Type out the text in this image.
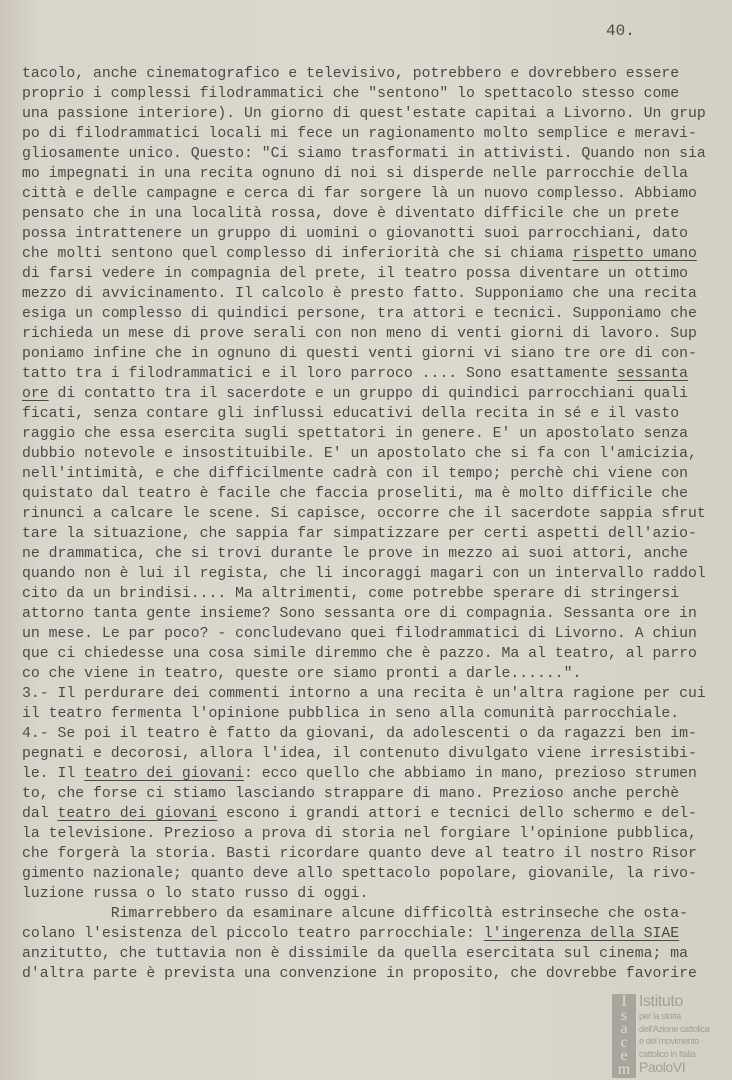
40.
tacolo, anche cinematografico e televisivo, potrebbero e dovrebbero essere
proprio i complessi filodrammatici che "sentono" lo spettacolo stesso come
una passione interiore). Un giorno di quest'estate capitai a Livorno. Un grup
po di filodrammatici locali mi fece un ragionamento molto semplice e meravi-
gliosamente unico. Questo: "Ci siamo trasformati in attivisti. Quando non sia
mo impegnati in una recita ognuno di noi si disperde nelle parrocchie della
città e delle campagne e cerca di far sorgere là un nuovo complesso. Abbiamo
pensato che in una località rossa, dove è diventato difficile che un prete
possa intrattenere un gruppo di uomini o giovanotti suoi parrocchiani, dato
che molti sentono quel complesso di inferiorità che si chiama rispetto umano
di farsi vedere in compagnia del prete, il teatro possa diventare un ottimo
mezzo di avvicinamento. Il calcolo è presto fatto. Supponiamo che una recita
esiga un complesso di quindici persone, tra attori e tecnici. Supponiamo che
richieda un mese di prove serali con non meno di venti giorni di lavoro. Sup
poniamo infine che in ognuno di questi venti giorni vi siano tre ore di con-
tatto tra i filodrammatici e il loro parroco .... Sono esattamente sessanta
ore di contatto tra il sacerdote e un gruppo di quindici parrocchiani quali
ficati, senza contare gli influssi educativi della recita in sé e il vasto
raggio che essa esercita sugli spettatori in genere. E' un apostolato senza
dubbio notevole e insostituibile. E' un apostolato che si fa con l'amicizia,
nell'intimità, e che difficilmente cadrà con il tempo; perchè chi viene con
quistato dal teatro è facile che faccia proseliti, ma è molto difficile che
rinunci a calcare le scene. Si capisce, occorre che il sacerdote sappia sfrut
tare la situazione, che sappia far simpatizzare per certi aspetti dell'azio-
ne drammatica, che si trovi durante le prove in mezzo ai suoi attori, anche
quando non è lui il regista, che li incoraggi magari con un intervallo raddol
cito da un brindisi.... Ma altrimenti, come potrebbe sperare di stringersi
attorno tanta gente insieme? Sono sessanta ore di compagnia. Sessanta ore in
un mese. Le par poco? - concludevano quei filodrammatici di Livorno. A chiun
que ci chiedesse una cosa simile diremmo che è pazzo. Ma al teatro, al parro
co che viene in teatro, queste ore siamo pronti a darle......".
3.- Il perdurare dei commenti intorno a una recita è un'altra ragione per cui
il teatro fermenta l'opinione pubblica in seno alla comunità parrocchiale.
4.- Se poi il teatro è fatto da giovani, da adolescenti o da ragazzi ben im-
pegnati e decorosi, allora l'idea, il contenuto divulgato viene irresistibi-
le. Il teatro dei giovani: ecco quello che abbiamo in mano, prezioso strumen
to, che forse ci stiamo lasciando strappare di mano. Prezioso anche perchè
dal teatro dei giovani escono i grandi attori e tecnici dello schermo e del-
la televisione. Prezioso a prova di storia nel forgiare l'opinione pubblica,
che forgerà la storia. Basti ricordare quanto deve al teatro il nostro Risor
gimento nazionale; quanto deve allo spettacolo popolare, giovanile, la rivo-
luzione russa o lo stato russo di oggi.
Rimarrebbero da esaminare alcune difficoltà estrinseche che osta-
colano l'esistenza del piccolo teatro parrocchiale: l'ingerenza della SIAE
anzitutto, che tuttavia non è dissimile da quella esercitata sul cinema; ma
d'altra parte è prevista una convenzione in proposito, che dovrebbe favorire
I
s
a
c
e
m
Istituto
per la storia
dell'Azione cattolica
e del movimento
cattolico in Italia
PaoloVI
